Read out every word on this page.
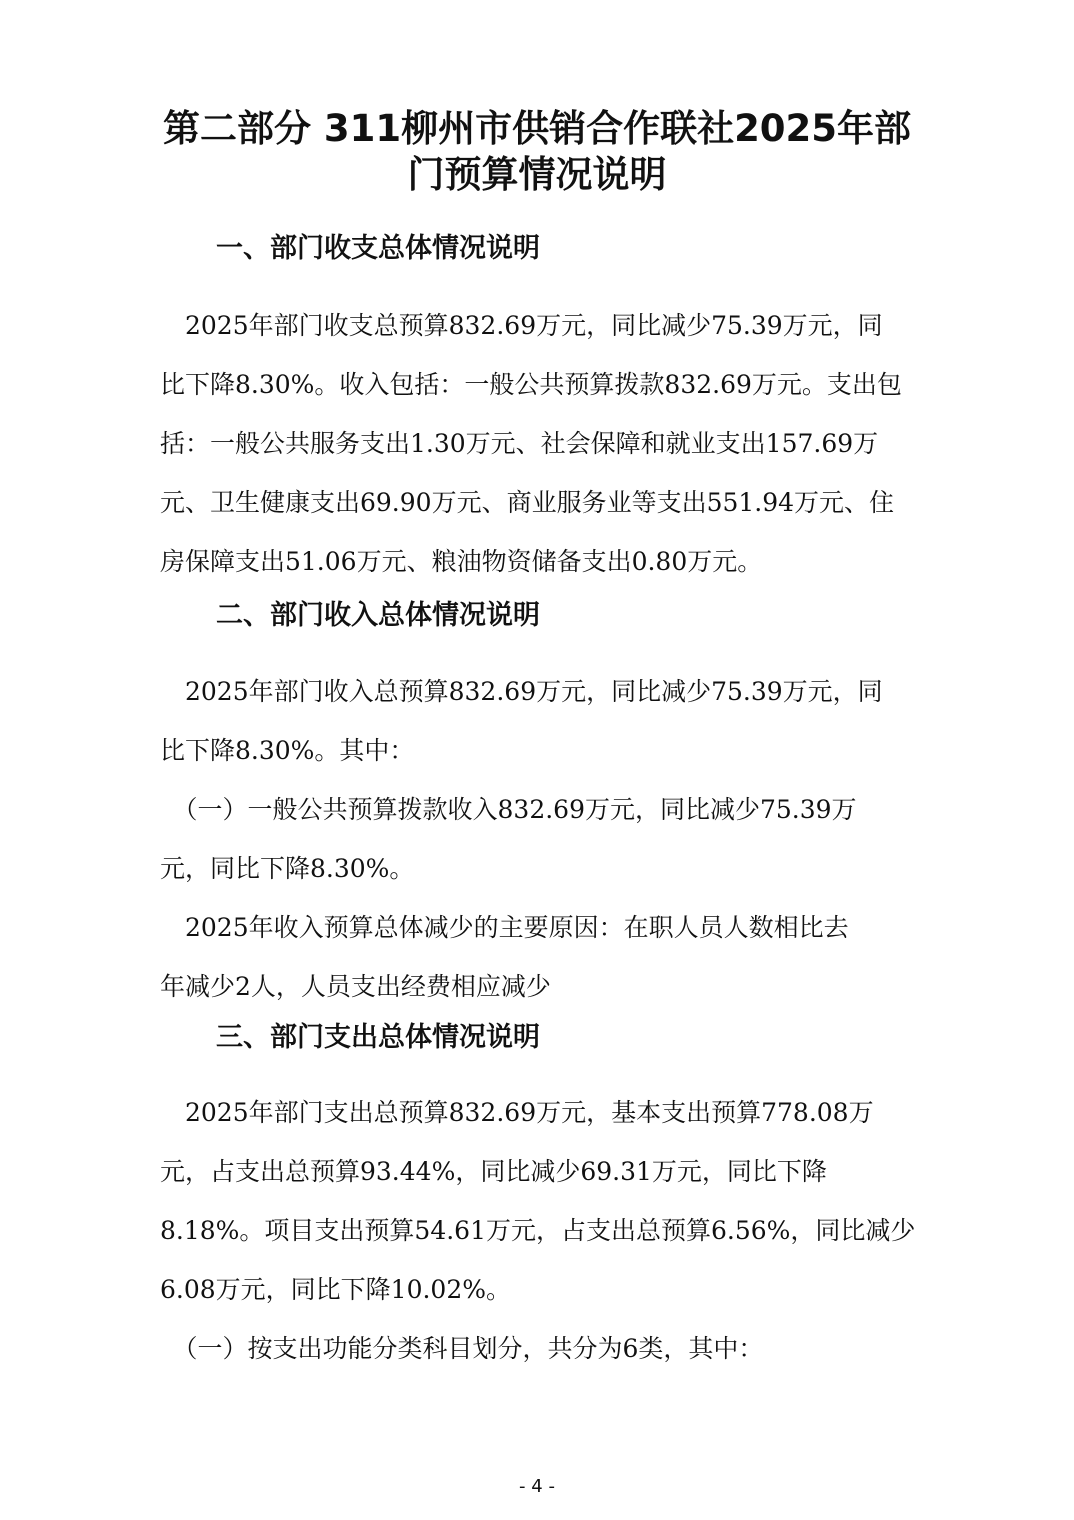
第二部分 311柳州市供销合作联社2025年部
门预算情况说明
一、部门收支总体情况说明
　2025年部门收支总预算832.69万元，同比减少75.39万元，同
比下降8.30%。收入包括：一般公共预算拨款832.69万元。支出包
括：一般公共服务支出1.30万元、社会保障和就业支出157.69万
元、卫生健康支出69.90万元、商业服务业等支出551.94万元、住
房保障支出51.06万元、粮油物资储备支出0.80万元。
二、部门收入总体情况说明
　2025年部门收入总预算832.69万元，同比减少75.39万元，同
比下降8.30%。其中：
　（一）一般公共预算拨款收入832.69万元，同比减少75.39万
元，同比下降8.30%。
　2025年收入预算总体减少的主要原因：在职人员人数相比去
年减少2人，人员支出经费相应减少
三、部门支出总体情况说明
　2025年部门支出总预算832.69万元，基本支出预算778.08万
元，占支出总预算93.44%，同比减少69.31万元，同比下降
8.18%。项目支出预算54.61万元，占支出总预算6.56%，同比减少
6.08万元，同比下降10.02%。
　（一）按支出功能分类科目划分，共分为6类，其中：
- 4 -
